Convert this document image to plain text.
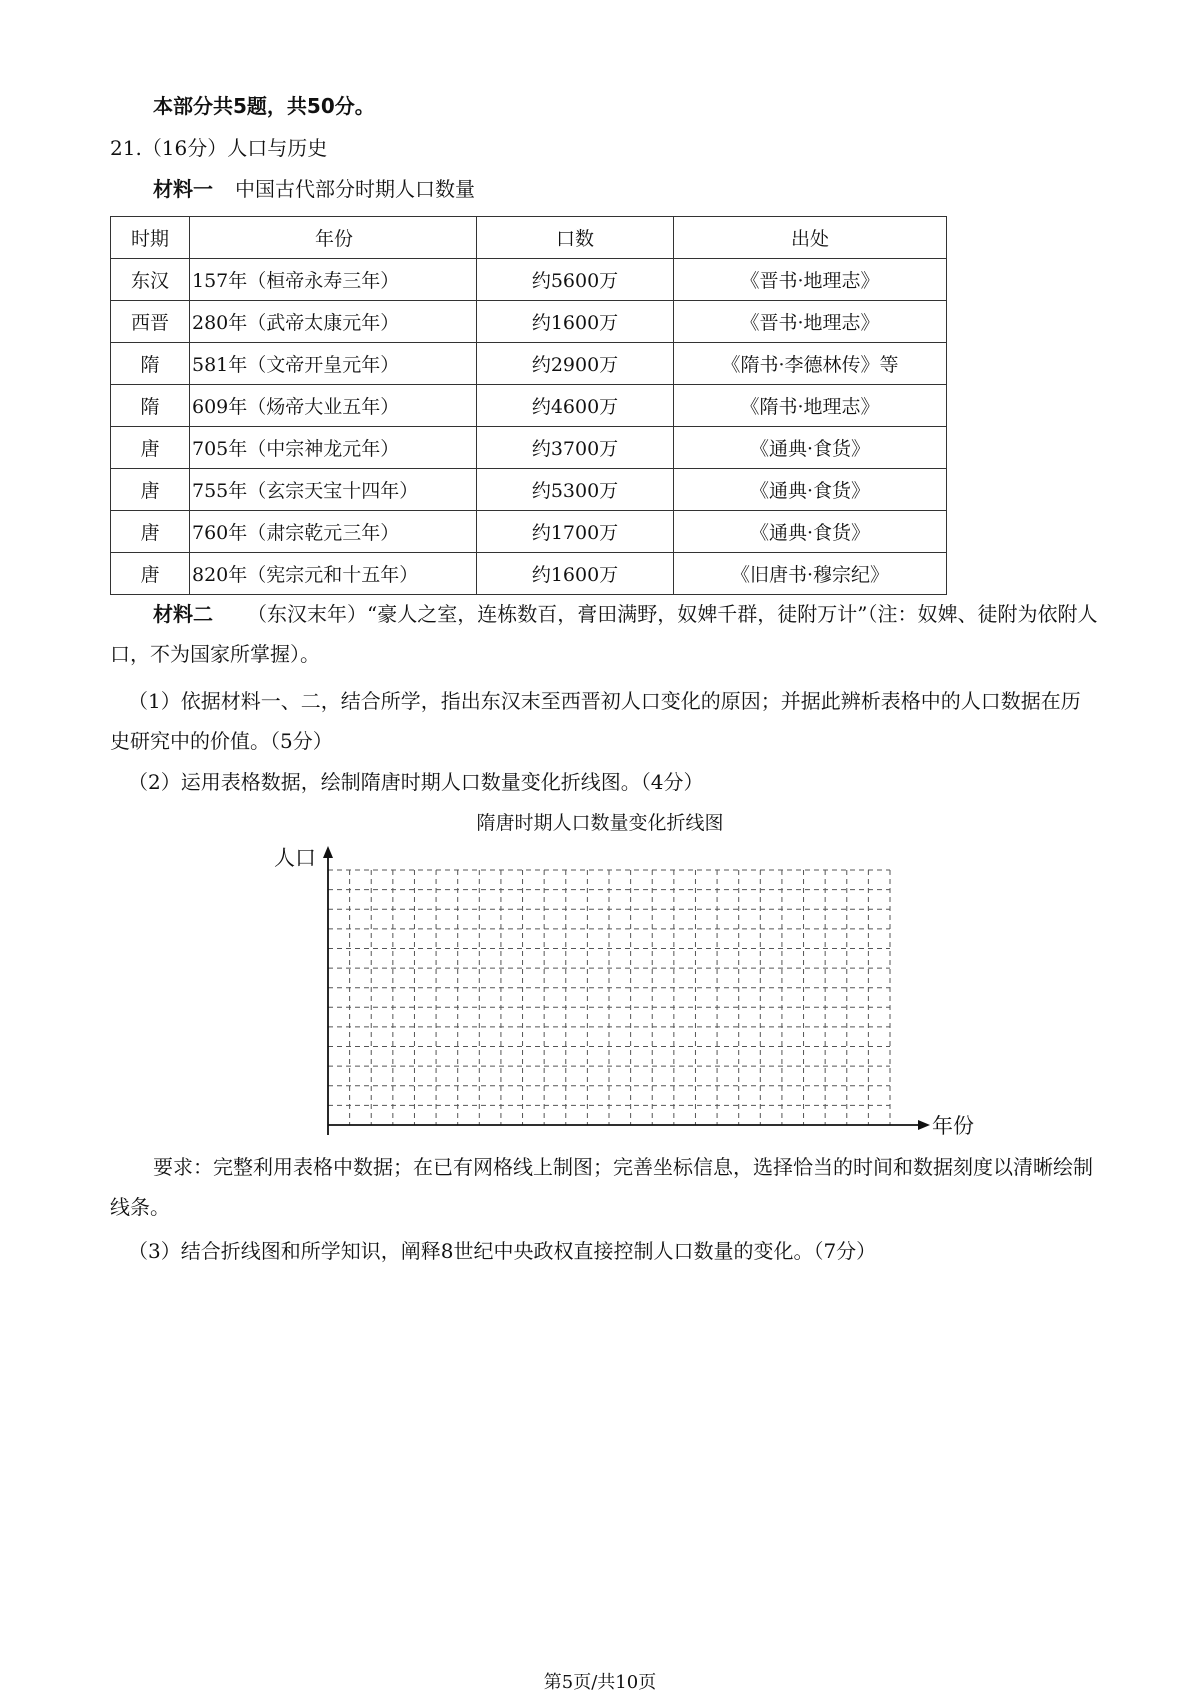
本部分共5题，共50分。
21.（16分）人口与历史
材料一 中国古代部分时期人口数量
时期	年份	口数	出处
东汉	157年（桓帝永寿三年）	约5600万	《晋书·地理志》
西晋	280年（武帝太康元年）	约1600万	《晋书·地理志》
隋	581年（文帝开皇元年）	约2900万	《隋书·李德林传》等
隋	609年（炀帝大业五年）	约4600万	《隋书·地理志》
唐	705年（中宗神龙元年）	约3700万	《通典·食货》
唐	755年（玄宗天宝十四年）	约5300万	《通典·食货》
唐	760年（肃宗乾元三年）	约1700万	《通典·食货》
唐	820年（宪宗元和十五年）	约1600万	《旧唐书·穆宗纪》
材料二 （东汉末年）“豪人之室，连栋数百，膏田满野，奴婢千群，徒附万计”（注：奴婢、徒附为依附人口，不为国家所掌握）。
（1）依据材料一、二，结合所学，指出东汉末至西晋初人口变化的原因；并据此辨析表格中的人口数据在历史研究中的价值。（5分）
（2）运用表格数据，绘制隋唐时期人口数量变化折线图。（4分）
隋唐时期人口数量变化折线图
人口
年份
要求：完整利用表格中数据；在已有网格线上制图；完善坐标信息，选择恰当的时间和数据刻度以清晰绘制线条。
（3）结合折线图和所学知识，阐释8世纪中央政权直接控制人口数量的变化。（7分）
第5页/共10页
